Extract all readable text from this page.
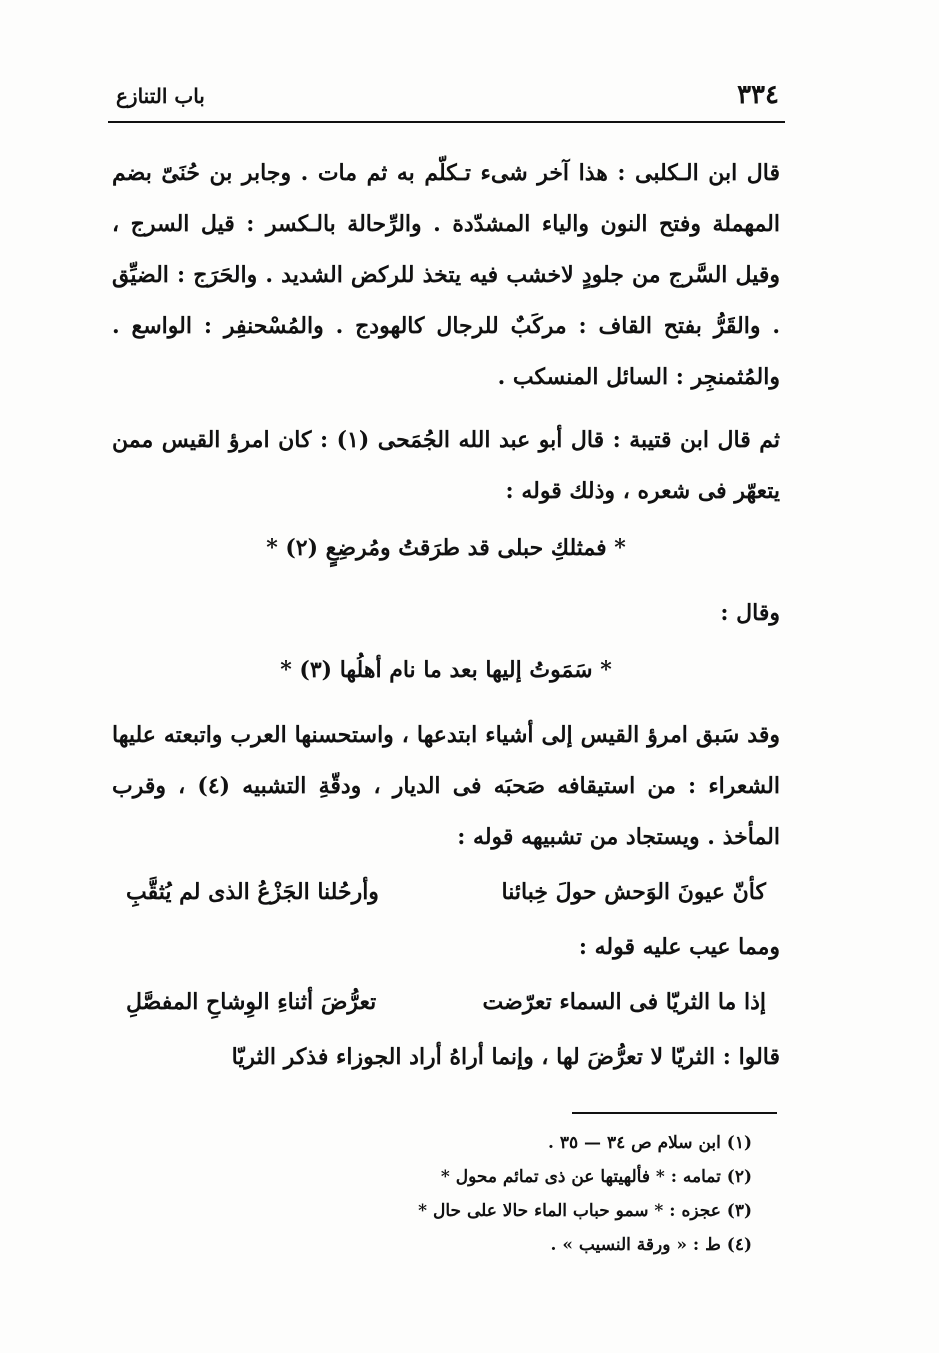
٣٣٤
باب التنازع

قال ابن الـكلبى : هذا آخر شىء تـكلّم به ثم مات . وجابر بن حُنَىّ بضم المهملة وفتح النون والياء المشدّدة . والرِّحالة بالـكسر : قيل السرج ، وقيل السَّرج من جلودٍ لاخشب فيه يتخذ للركض الشديد . والحَرَج : الضيِّق . والقَرُّ بفتح القاف : مركَبٌ للرجال كالهودج . والمُسْحنفِر : الواسع . والمُثمنجِر : السائل المنسكب .

ثم قال ابن قتيبة : قال أبو عبد الله الجُمَحى (١) : كان امرؤ القيس ممن يتعهّر فى شعره ، وذلك قوله :

* فمثلكِ حبلى قد طرَقتُ ومُرضِعٍ (٢) *

وقال :

* سَمَوتُ إليها بعد ما نام أهلُها (٣) *

وقد سَبق امرؤ القيس إلى أشياء ابتدعها ، واستحسنها العرب واتبعته عليها الشعراء : من استيقافه صَحبَه فى الديار ، ودقّةِ التشبيه (٤) ، وقرب المأخذ . ويستجاد من تشبيهه قوله :

كأنّ عيونَ الوَحش حولَ خِبائنا
وأرحُلنا الجَزْعُ الذى لم يُثقَّبِ

ومما عيب عليه قوله :

إذا ما الثريّا فى السماء تعرّضت
تعرُّضَ أثناءِ الوِشاحِ المفصَّلِ

قالوا : الثريّا لا تعرُّضَ لها ، وإنما أراهُ أراد الجوزاء فذكر الثريّا

(١) ابن سلام ص ٣٤ — ٣٥ .
(٢) تمامه : * فألهيتها عن ذى تمائم محول *
(٣) عجزه : * سمو حباب الماء حالا على حال *
(٤) ط : « ورقة النسيب » .
